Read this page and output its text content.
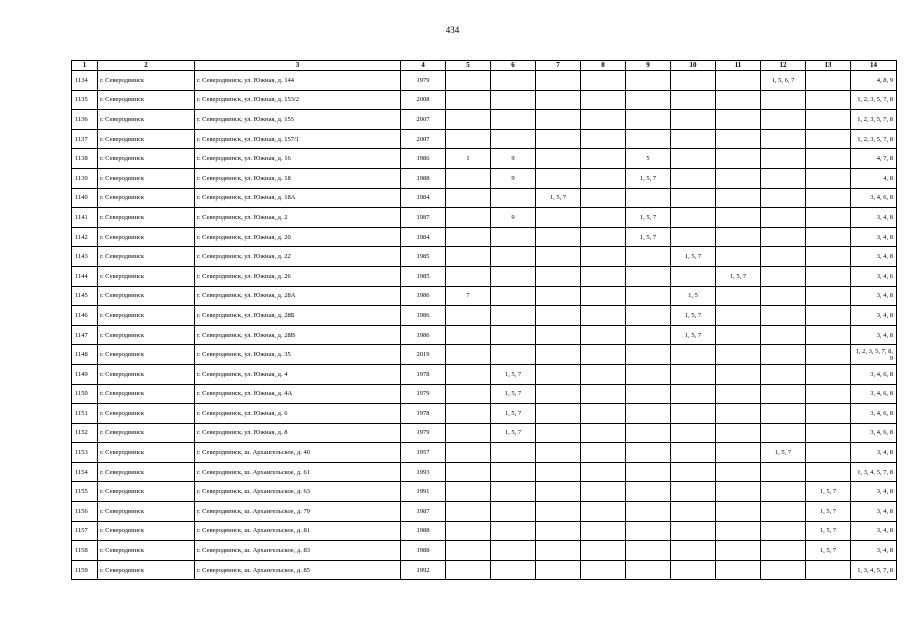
434
1	2	3	4	5	6	7	8	9	10	11	12	13	14
1134	г. Северодвинск	г. Северодвинск, ул. Южная, д. 144	1979								1, 5, 6, 7		4, 8, 9
1135	г. Северодвинск	г. Северодвинск, ул. Южная, д. 153/2	2008										1, 2, 3, 5, 7, 8
1136	г. Северодвинск	г. Северодвинск, ул. Южная, д. 155	2007										1, 2, 3, 5, 7, 8
1137	г. Северодвинск	г. Северодвинск, ул. Южная, д. 157/1	2007										1, 2, 3, 5, 7, 8
1138	г. Северодвинск	г. Северодвинск, ул. Южная, д. 16	1986	1	9			5					4, 7, 8
1139	г. Северодвинск	г. Северодвинск, ул. Южная, д. 18	1988		9			1, 5, 7					4, 8
1140	г. Северодвинск	г. Северодвинск, ул. Южная, д. 18А	1984			1, 5, 7							3, 4, 6, 8
1141	г. Северодвинск	г. Северодвинск, ул. Южная, д. 2	1987		9			1, 5, 7					3, 4, 8
1142	г. Северодвинск	г. Северодвинск, ул. Южная, д. 20	1984					1, 5, 7					3, 4, 8
1143	г. Северодвинск	г. Северодвинск, ул. Южная, д. 22	1985						1, 5, 7				3, 4, 8
1144	г. Северодвинск	г. Северодвинск, ул. Южная, д. 26	1985							1, 5, 7			3, 4, 6
1145	г. Северодвинск	г. Северодвинск, ул. Южная, д. 28А	1986	7					1, 5				3, 4, 8
1146	г. Северодвинск	г. Северодвинск, ул. Южная, д. 28Б	1986						1, 5, 7				3, 4, 8
1147	г. Северодвинск	г. Северодвинск, ул. Южная, д. 28В	1986						1, 5, 7				3, 4, 8
1148	г. Северодвинск	г. Северодвинск, ул. Южная, д. 35	2019										1, 2, 3, 5, 7, 8, 9
1149	г. Северодвинск	г. Северодвинск, ул. Южная, д. 4	1978		1, 5, 7								3, 4, 6, 8
1150	г. Северодвинск	г. Северодвинск, ул. Южная, д. 4А	1979		1, 5, 7								3, 4, 6, 8
1151	г. Северодвинск	г. Северодвинск, ул. Южная, д. 6	1978		1, 5, 7								3, 4, 6, 8
1152	г. Северодвинск	г. Северодвинск, ул. Южная, д. 8	1979		1, 5, 7								3, 4, 6, 8
1153	г. Северодвинск	г. Северодвинск, ш. Архангельское, д. 40	1957								1, 5, 7		3, 4, 8
1154	г. Северодвинск	г. Северодвинск, ш. Архангельское, д. 61	1993										1, 3, 4, 5, 7, 8
1155	г. Северодвинск	г. Северодвинск, ш. Архангельское, д. 63	1991									1, 5, 7	3, 4, 8
1156	г. Северодвинск	г. Северодвинск, ш. Архангельское, д. 79	1987									1, 5, 7	3, 4, 8
1157	г. Северодвинск	г. Северодвинск, ш. Архангельское, д. 81	1988									1, 5, 7	3, 4, 8
1158	г. Северодвинск	г. Северодвинск, ш. Архангельское, д. 83	1988									1, 5, 7	3, 4, 8
1159	г. Северодвинск	г. Северодвинск, ш. Архангельское, д. 85	1992										1, 3, 4, 5, 7, 8
